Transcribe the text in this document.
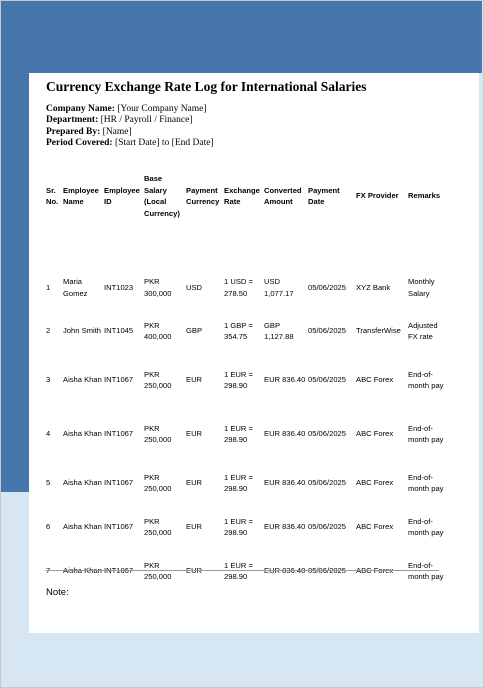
Currency Exchange Rate Log for International Salaries
Company Name: [Your Company Name]
Department: [HR / Payroll / Finance]
Prepared By: [Name]
Period Covered: [Start Date] to [End Date]
Sr. No.	Employee Name	Employee ID	Base Salary (Local Currency)	Payment Currency	Exchange Rate	Converted Amount	Payment Date	FX Provider	Remarks

1	Maria Gomez	INT1023	PKR 300,000	USD	1 USD = 278.50	USD 1,077.17	05/06/2025	XYZ Bank	Monthly Salary
2	John Smith	INT1045	PKR 400,000	GBP	1 GBP = 354.75	GBP 1,127.88	05/06/2025	TransferWise	Adjusted FX rate
3	Aisha Khan	INT1067	PKR 250,000	EUR	1 EUR = 298.90	EUR 836.40	05/06/2025	ABC Forex	End-of-month pay
4	Aisha Khan	INT1067	PKR 250,000	EUR	1 EUR = 298.90	EUR 836.40	05/06/2025	ABC Forex	End-of-month pay
5	Aisha Khan	INT1067	PKR 250,000	EUR	1 EUR = 298.90	EUR 836.40	05/06/2025	ABC Forex	End-of-month pay
6	Aisha Khan	INT1067	PKR 250,000	EUR	1 EUR = 298.90	EUR 836.40	05/06/2025	ABC Forex	End-of-month pay
7	Aisha Khan	INT1067	PKR 250,000	EUR	1 EUR = 298.90	EUR 836.40	05/06/2025	ABC Forex	End-of-month pay
Note:
